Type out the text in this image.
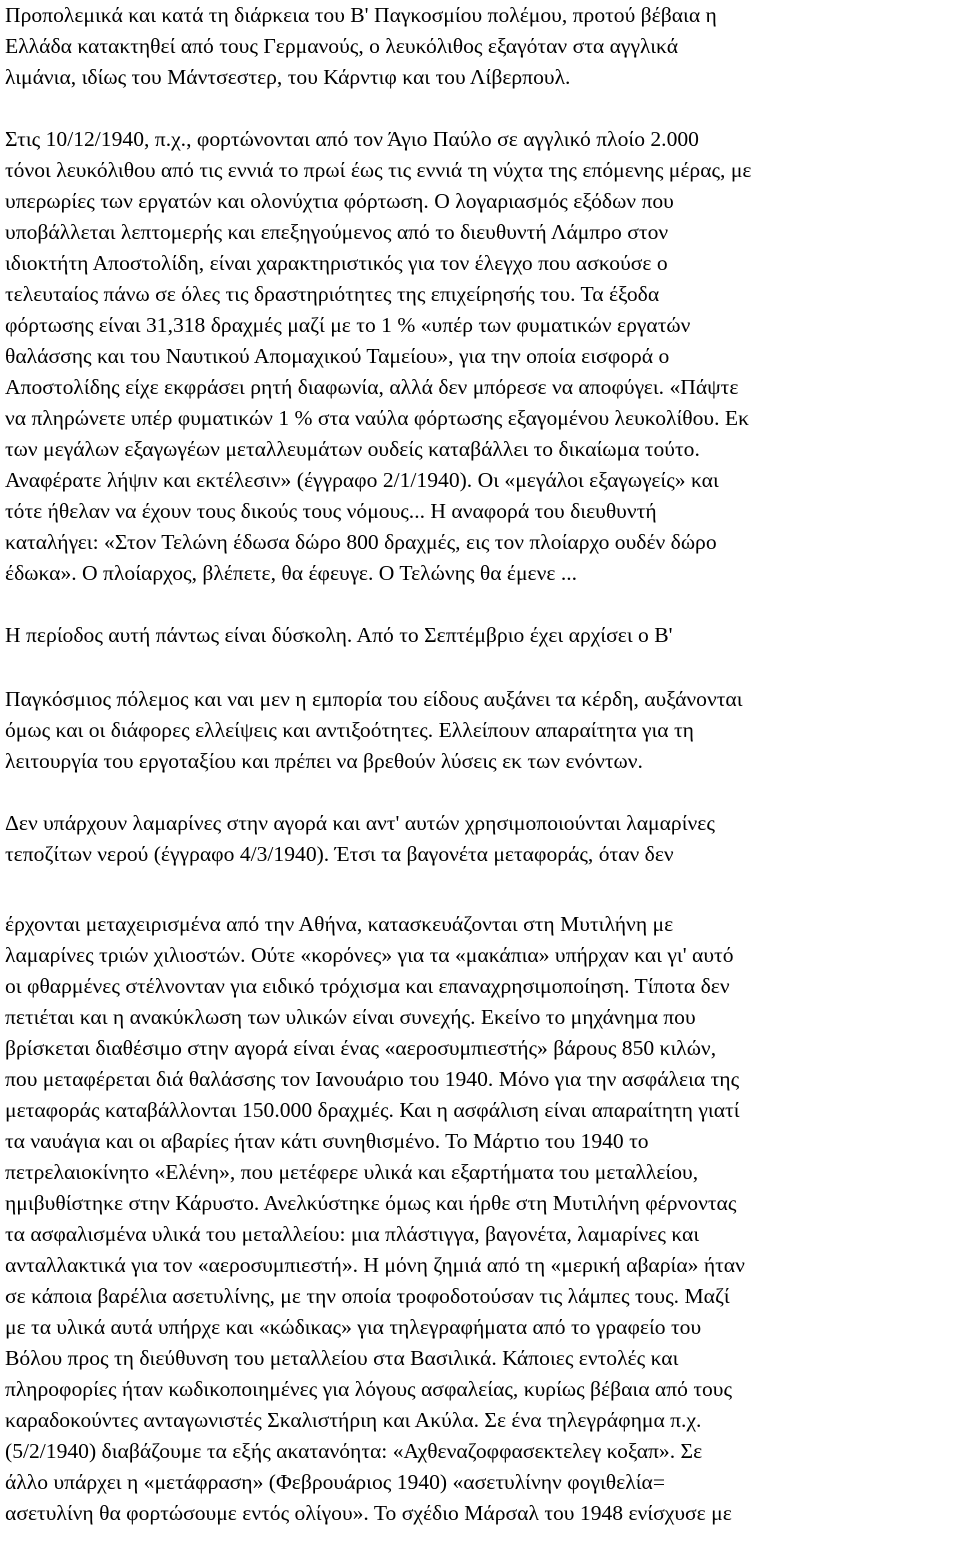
Προπολεμικά και κατά τη διάρκεια του Β' Παγκοσμίου πολέμου, προτού βέβαια η
Ελλάδα κατακτηθεί από τους Γερμανούς, ο λευκόλιθος εξαγόταν στα αγγλικά
λιμάνια, ιδίως του Μάντσεστερ, του Κάρντιφ και του Λίβερπουλ.
Στις 10/12/1940, π.χ., φορτώνονται από τον Άγιο Παύλο σε αγγλικό πλοίο 2.000
τόνοι λευκόλιθου από τις εννιά το πρωί έως τις εννιά τη νύχτα της επόμενης μέρας, με
υπερωρίες των εργατών και ολονύχτια φόρτωση. Ο λογαριασμός εξόδων που
υποβάλλεται λεπτομερής και επεξηγούμενος από το διευθυντή Λάμπρο στον
ιδιοκτήτη Αποστολίδη, είναι χαρακτηριστικός για τον έλεγχο που ασκούσε ο
τελευταίος πάνω σε όλες τις δραστηριότητες της επιχείρησής του. Τα έξοδα
φόρτωσης είναι 31,318 δραχμές μαζί με το 1 % «υπέρ των φυματικών εργατών
θαλάσσης και του Ναυτικού Απομαχικού Ταμείου», για την οποία εισφορά ο
Αποστολίδης είχε εκφράσει ρητή διαφωνία, αλλά δεν μπόρεσε να αποφύγει. «Πάψτε
να πληρώνετε υπέρ φυματικών 1 % στα ναύλα φόρτωσης εξαγομένου λευκολίθου. Εκ
των μεγάλων εξαγωγέων μεταλλευμάτων ουδείς καταβάλλει το δικαίωμα τούτο.
Αναφέρατε λήψιν και εκτέλεσιν» (έγγραφο 2/1/1940). Οι «μεγάλοι εξαγωγείς» και
τότε ήθελαν να έχουν τους δικούς τους νόμους... Η αναφορά του διευθυντή
καταλήγει: «Στον Τελώνη έδωσα δώρο 800 δραχμές, εις τον πλοίαρχο ουδέν δώρο
έδωκα». Ο πλοίαρχος, βλέπετε, θα έφευγε. Ο Τελώνης θα έμενε ...
Η περίοδος αυτή πάντως είναι δύσκολη. Από το Σεπτέμβριο έχει αρχίσει ο Β'
Παγκόσμιος πόλεμος και ναι μεν η εμπορία του είδους αυξάνει τα κέρδη, αυξάνονται
όμως και οι διάφορες ελλείψεις και αντιξοότητες. Ελλείπουν απαραίτητα για τη
λειτουργία του εργοταξίου και πρέπει να βρεθούν λύσεις εκ των ενόντων.
Δεν υπάρχουν λαμαρίνες στην αγορά και αντ' αυτών χρησιμοποιούνται λαμαρίνες
τεποζίτων νερού (έγγραφο 4/3/1940). Έτσι τα βαγονέτα μεταφοράς, όταν δεν
έρχονται μεταχειρισμένα από την Αθήνα, κατασκευάζονται στη Μυτιλήνη με
λαμαρίνες τριών χιλιοστών. Ούτε «κορόνες» για τα «μακάπια» υπήρχαν και γι' αυτό
οι φθαρμένες στέλνονταν για ειδικό τρόχισμα και επαναχρησιμοποίηση. Τίποτα δεν
πετιέται και η ανακύκλωση των υλικών είναι συνεχής. Εκείνο το μηχάνημα που
βρίσκεται διαθέσιμο στην αγορά είναι ένας «αεροσυμπιεστής» βάρους 850 κιλών,
που μεταφέρεται διά θαλάσσης τον Ιανουάριο του 1940. Μόνο για την ασφάλεια της
μεταφοράς καταβάλλονται 150.000 δραχμές. Και η ασφάλιση είναι απαραίτητη γιατί
τα ναυάγια και οι αβαρίες ήταν κάτι συνηθισμένο. Το Μάρτιο του 1940 το
πετρελαιοκίνητο «Ελένη», που μετέφερε υλικά και εξαρτήματα του μεταλλείου,
ημιβυθίστηκε στην Κάρυστο. Ανελκύστηκε όμως και ήρθε στη Μυτιλήνη φέρνοντας
τα ασφαλισμένα υλικά του μεταλλείου: μια πλάστιγγα, βαγονέτα, λαμαρίνες και
ανταλλακτικά για τον «αεροσυμπιεστή». Η μόνη ζημιά από τη «μερική αβαρία» ήταν
σε κάποια βαρέλια ασετυλίνης, με την οποία τροφοδοτούσαν τις λάμπες τους. Μαζί
με τα υλικά αυτά υπήρχε και «κώδικας» για τηλεγραφήματα από το γραφείο του
Βόλου προς τη διεύθυνση του μεταλλείου στα Βασιλικά. Κάποιες εντολές και
πληροφορίες ήταν κωδικοποιημένες για λόγους ασφαλείας, κυρίως βέβαια από τους
καραδοκούντες ανταγωνιστές Σκαλιστήριη και Ακύλα. Σε ένα τηλεγράφημα π.χ.
(5/2/1940) διαβάζουμε τα εξής ακατανόητα: «Αχθεναζοφφασεκτελεγ κοξαπ». Σε
άλλο υπάρχει η «μετάφραση» (Φεβρουάριος 1940) «ασετυλίνην φογιθελία=
ασετυλίνη θα φορτώσουμε εντός ολίγου». Το σχέδιο Μάρσαλ του 1948 ενίσχυσε με
